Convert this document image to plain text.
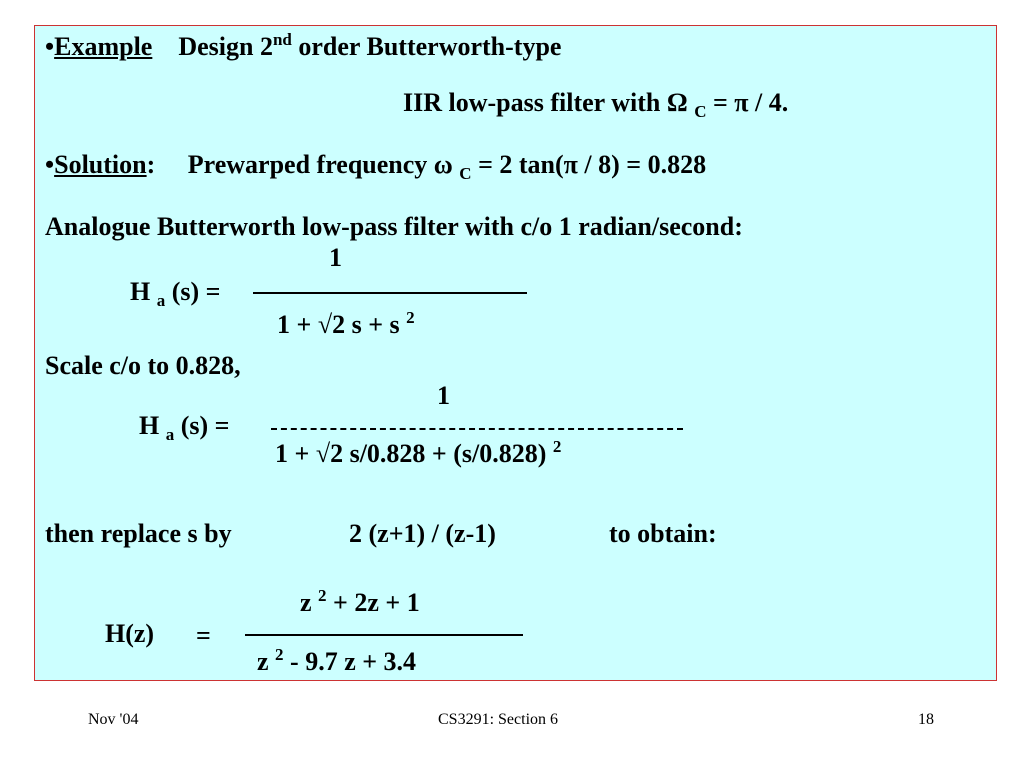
•Example Design 2nd order Butterworth-type
IIR low-pass filter with Ω $_C$ = π / 4.
•Solution: Prewarped frequency ω $_C$ = 2 tan(π / 8) = 0.828
Analogue Butterworth low-pass filter with c/o 1 radian/second:
1
H $_a$ (s) =
1 + √2 s + s $^2$
Scale c/o to 0.828,
1
H $_a$ (s) =
1 + √2 s/0.828 + (s/0.828) $^2$
then replace s by	2 (z+1) / (z-1)	to obtain:
z $^2$ + 2z + 1
H(z) =
z $^2$ - 9.7 z + 3.4
Nov '04	CS3291: Section 6	18
